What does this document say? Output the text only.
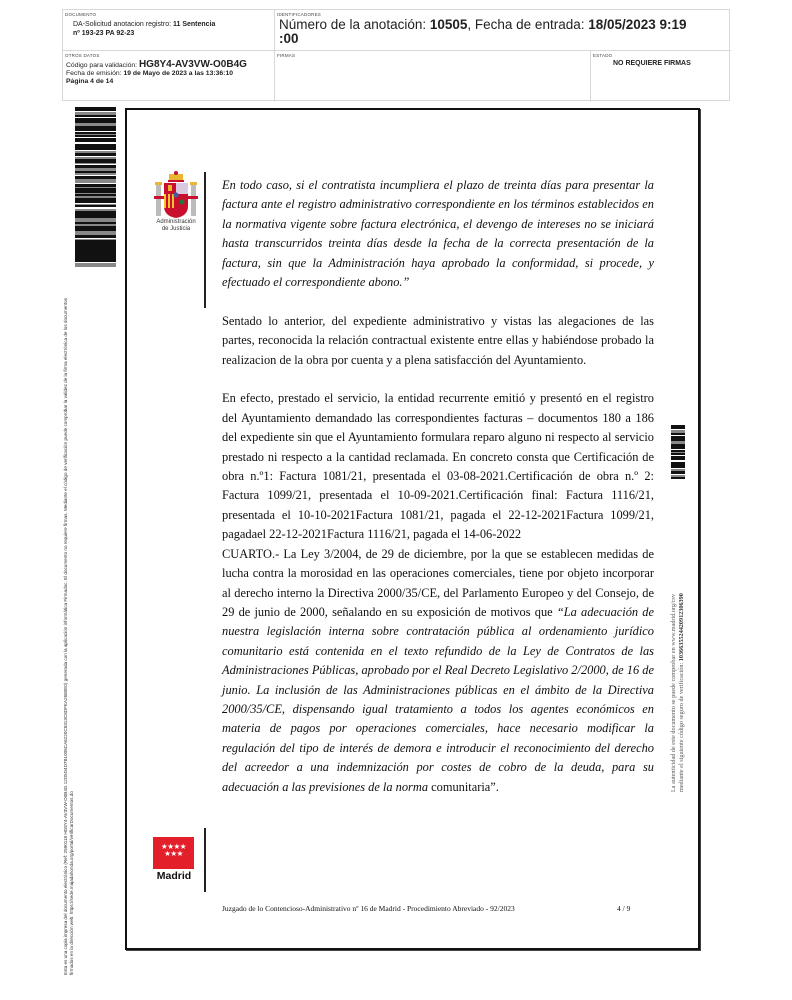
DOCUMENTO
DA-Solicitud anotacion registro: 11 Sentencia
nº 193-23 PA 92-23
IDENTIFICADORES
Número de la anotación: 10505, Fecha de entrada: 18/05/2023 9:19
:00
OTROS DATOS
Código para validación: HG8Y4-AV3VW-O0B4G
Fecha de emisión: 19 de Mayo de 2023 a las 13:36:10
Página 4 de 14
FIRMAS	ESTADO
NO REQUIERE FIRMAS
Esta es una copia impresa del documento electrónico (Ref: 2590118 HG8Y4-AV3VW-O0B4G 12D5D4D7B1006CA6220C8313C8DFEA2680E0) generada con la aplicación informática Firmadoc. El documento no requiere firmas. Mediante el código de verificación puede comprobar la validez de la firma electrónica de los documentos firmados en la dirección web: https://sede.majadahonda.org/portal/verificarDocumentos.do
Administración
de Justicia

En todo caso, si el contratista incumpliera el plazo de treinta días para presentar la factura ante el registro administrativo correspondiente en los términos establecidos en la normativa vigente sobre factura electrónica, el devengo de intereses no se iniciará hasta transcurridos treinta días desde la fecha de la correcta presentación de la factura, sin que la Administración haya aprobado la conformidad, si procede, y efectuado el correspondiente abono.”

Sentado lo anterior, del expediente administrativo y vistas las alegaciones de las partes, reconocida la relación contractual existente entre ellas y habiéndose probado la realizacion de la obra por cuenta y a plena satisfacción del Ayuntamiento.

En efecto, prestado el servicio, la entidad recurrente emitió y presentó en el registro del Ayuntamiento demandado las correspondientes facturas – documentos 180 a 186 del expediente sin que el Ayuntamiento formulara reparo alguno ni respecto al servicio prestado ni respecto a la cantidad reclamada. En concreto consta que Certificación de obra n.º1: Factura 1081/21, presentada el 03-08-2021.Certificación de obra n.º 2: Factura 1099/21, presentada el 10-09-2021.Certificación final: Factura 1116/21, presentada el 10-10-2021Factura 1081/21, pagada el 22-12-2021Factura 1099/21, pagadael 22-12-2021Factura 1116/21, pagada el 14-06-2022

CUARTO.- La Ley 3/2004, de 29 de diciembre, por la que se establecen medidas de lucha contra la morosidad en las operaciones comerciales, tiene por objeto incorporar al derecho interno la Directiva 2000/35/CE, del Parlamento Europeo y del Consejo, de 29 de junio de 2000, señalando en su exposición de motivos que “La adecuación de nuestra legislación interna sobre contratación pública al ordenamiento jurídico comunitario está contenida en el texto refundido de la Ley de Contratos de las Administraciones Públicas, aprobado por el Real Decreto Legislativo 2/2000, de 16 de junio. La inclusión de las Administraciones públicas en el ámbito de la Directiva 2000/35/CE, dispensando igual tratamiento a todos los agentes económicos en materia de pagos por operaciones comerciales, hace necesario modificar la regulación del tipo de interés de demora e introducir el reconocimiento del derecho del acreedor a una indemnización por costes de cobro de la deuda, para su adecuación a las previsiones de la norma comunitaria”.

★★★★
★★★
Madrid
Juzgado de lo Contencioso-Administrativo nº 16 de Madrid - Procedimiento Abreviado - 92/2023	4 / 9
La autenticidad de este documento se puede comprobar en www.madrid.org/csv
mediante el siguiente código seguro de verificación: 1036635524420912306390
